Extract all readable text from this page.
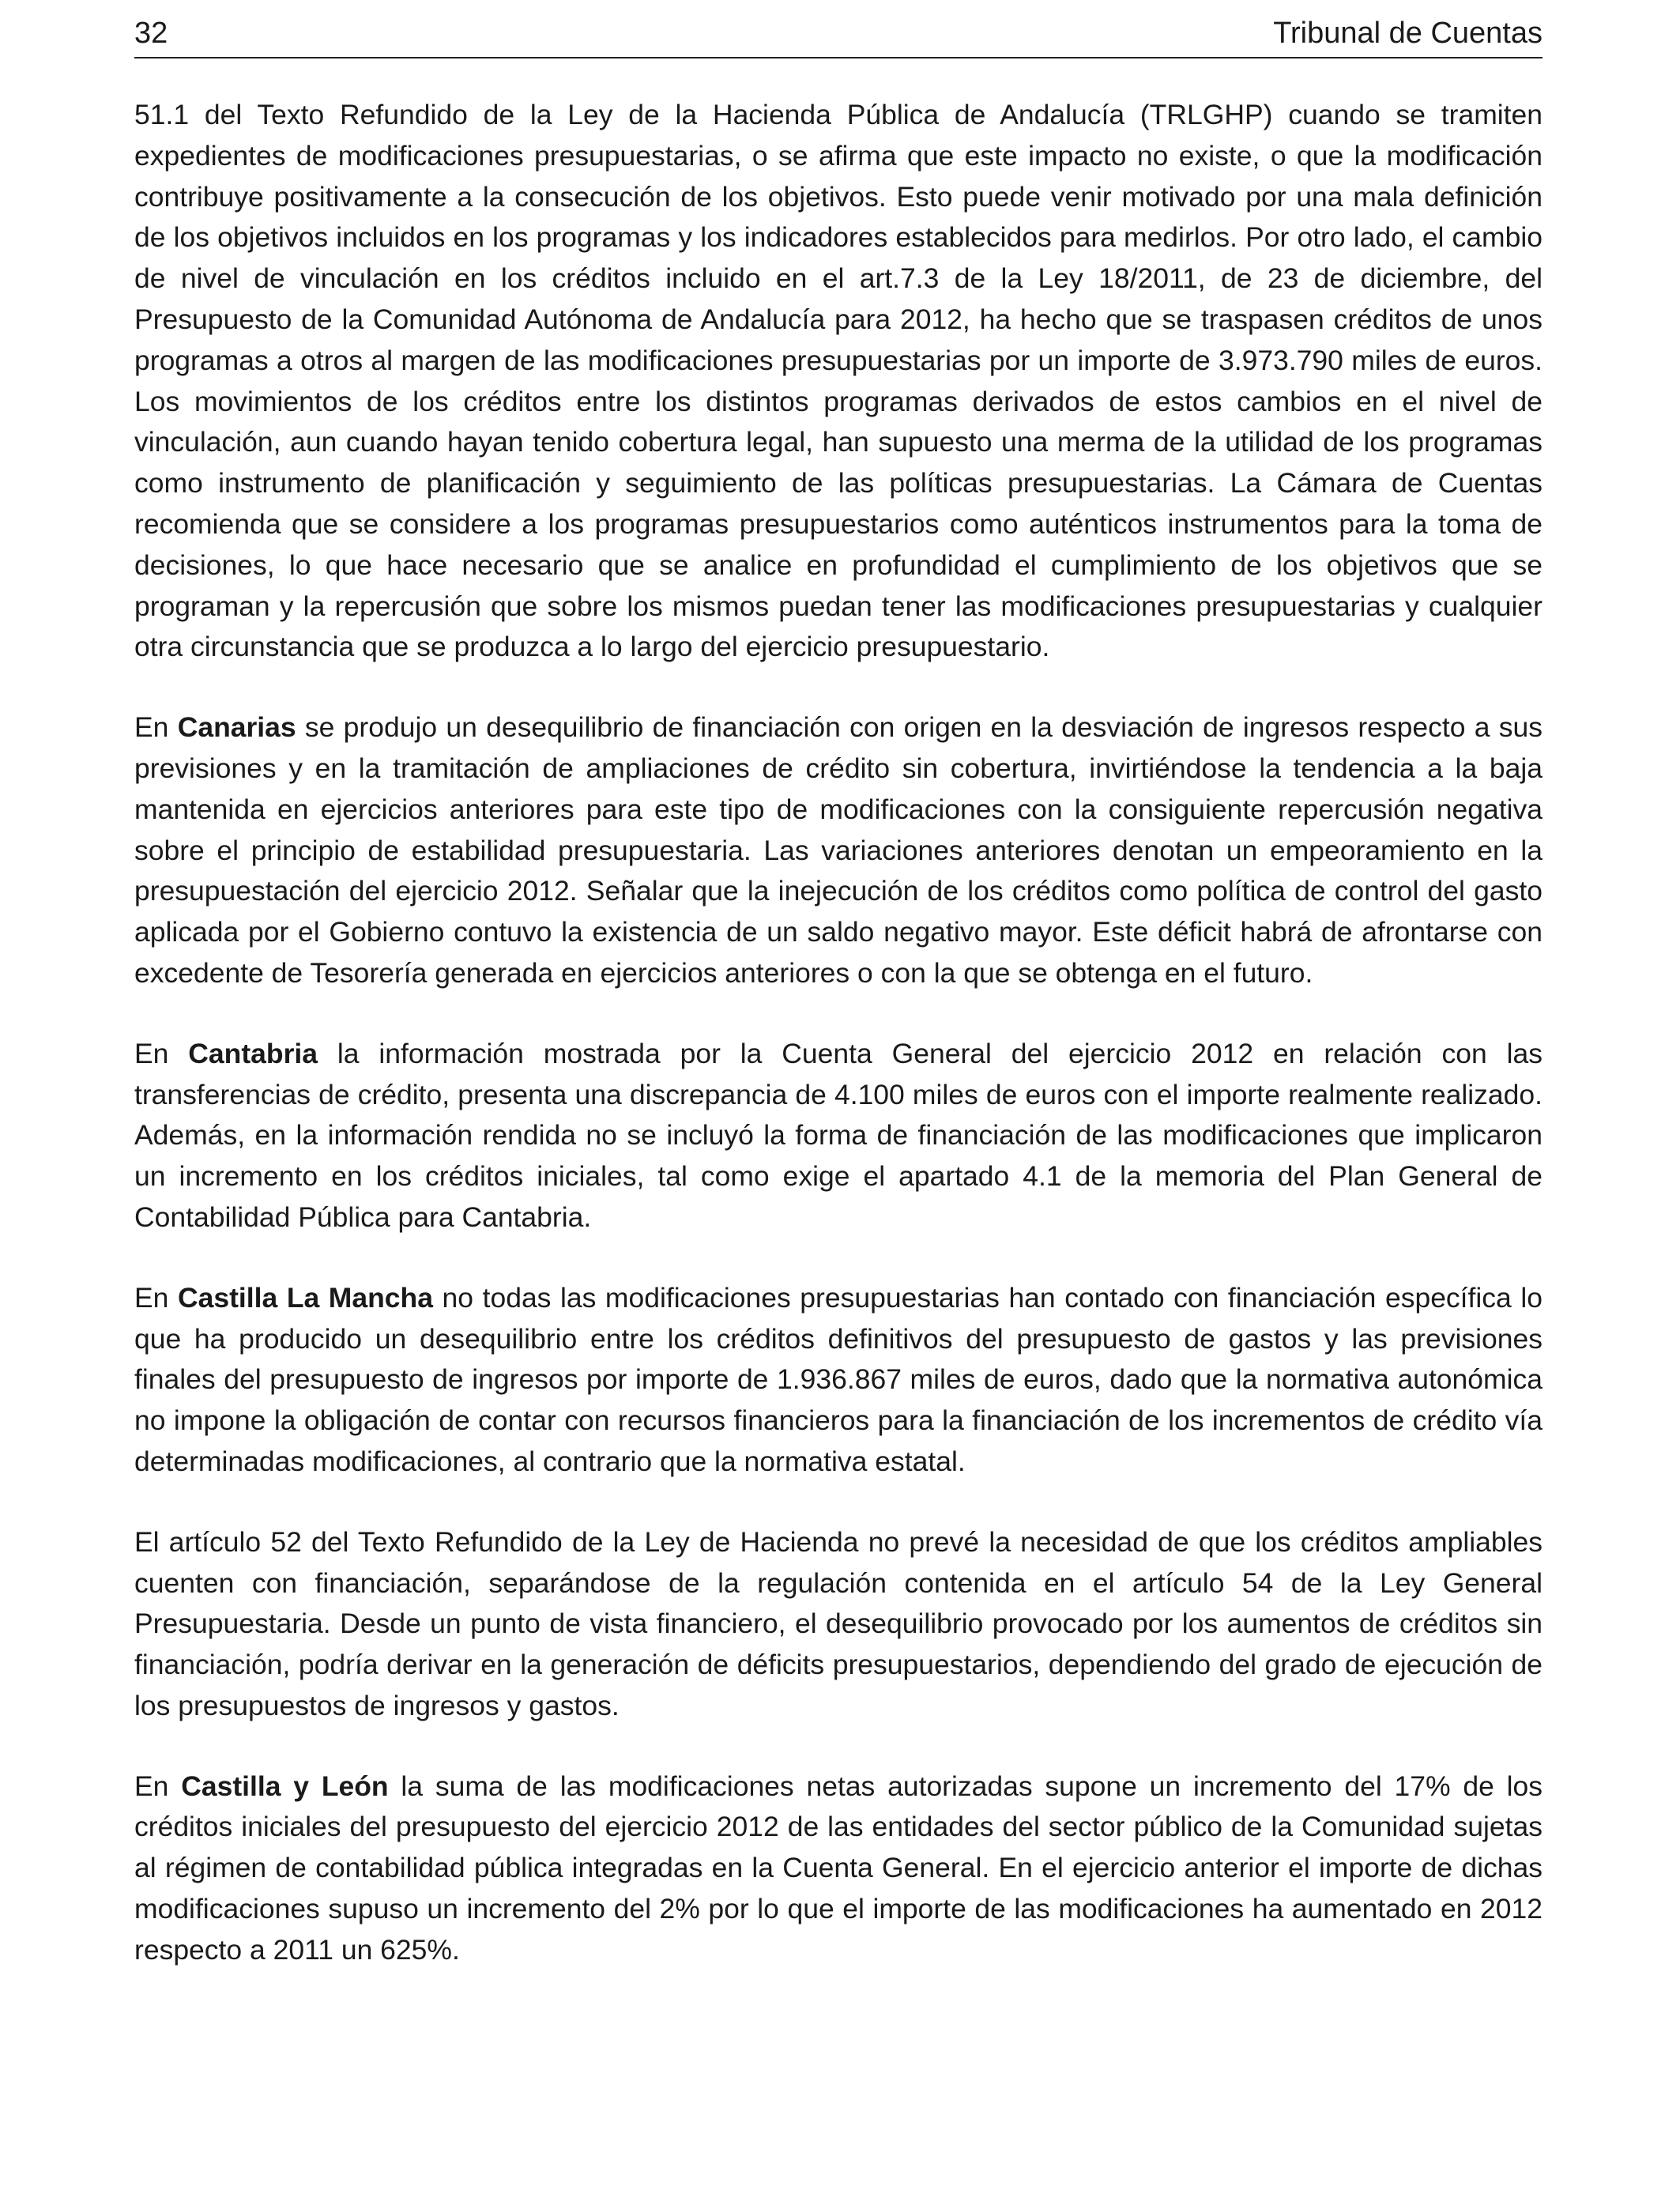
32	Tribunal de Cuentas

51.1 del Texto Refundido de la Ley de la Hacienda Pública de Andalucía (TRLGHP) cuando se tramiten expedientes de modificaciones presupuestarias, o se afirma que este impacto no existe, o que la modificación contribuye positivamente a la consecución de los objetivos. Esto puede venir motivado por una mala definición de los objetivos incluidos en los programas y los indicadores establecidos para medirlos. Por otro lado, el cambio de nivel de vinculación en los créditos incluido en el art.7.3 de la Ley 18/2011, de 23 de diciembre, del Presupuesto de la Comunidad Autónoma de Andalucía para 2012, ha hecho que se traspasen créditos de unos programas a otros al margen de las modificaciones presupuestarias por un importe de 3.973.790 miles de euros. Los movimientos de los créditos entre los distintos programas derivados de estos cambios en el nivel de vinculación, aun cuando hayan tenido cobertura legal, han supuesto una merma de la utilidad de los programas como instrumento de planificación y seguimiento de las políticas presupuestarias. La Cámara de Cuentas recomienda que se considere a los programas presupuestarios como auténticos instrumentos para la toma de decisiones, lo que hace necesario que se analice en profundidad el cumplimiento de los objetivos que se programan y la repercusión que sobre los mismos puedan tener las modificaciones presupuestarias y cualquier otra circunstancia que se produzca a lo largo del ejercicio presupuestario.

En Canarias se produjo un desequilibrio de financiación con origen en la desviación de ingresos respecto a sus previsiones y en la tramitación de ampliaciones de crédito sin cobertura, invirtiéndose la tendencia a la baja mantenida en ejercicios anteriores para este tipo de modificaciones con la consiguiente repercusión negativa sobre el principio de estabilidad presupuestaria. Las variaciones anteriores denotan un empeoramiento en la presupuestación del ejercicio 2012. Señalar que la inejecución de los créditos como política de control del gasto aplicada por el Gobierno contuvo la existencia de un saldo negativo mayor. Este déficit habrá de afrontarse con excedente de Tesorería generada en ejercicios anteriores o con la que se obtenga en el futuro.

En Cantabria la información mostrada por la Cuenta General del ejercicio 2012 en relación con las transferencias de crédito, presenta una discrepancia de 4.100 miles de euros con el importe realmente realizado. Además, en la información rendida no se incluyó la forma de financiación de las modificaciones que implicaron un incremento en los créditos iniciales, tal como exige el apartado 4.1 de la memoria del Plan General de Contabilidad Pública para Cantabria.

En Castilla La Mancha no todas las modificaciones presupuestarias han contado con financiación específica lo que ha producido un desequilibrio entre los créditos definitivos del presupuesto de gastos y las previsiones finales del presupuesto de ingresos por importe de 1.936.867 miles de euros, dado que la normativa autonómica no impone la obligación de contar con recursos financieros para la financiación de los incrementos de crédito vía determinadas modificaciones, al contrario que la normativa estatal.

El artículo 52 del Texto Refundido de la Ley de Hacienda no prevé la necesidad de que los créditos ampliables cuenten con financiación, separándose de la regulación contenida en el artículo 54 de la Ley General Presupuestaria. Desde un punto de vista financiero, el desequilibrio provocado por los aumentos de créditos sin financiación, podría derivar en la generación de déficits presupuestarios, dependiendo del grado de ejecución de los presupuestos de ingresos y gastos.

En Castilla y León la suma de las modificaciones netas autorizadas supone un incremento del 17% de los créditos iniciales del presupuesto del ejercicio 2012 de las entidades del sector público de la Comunidad sujetas al régimen de contabilidad pública integradas en la Cuenta General. En el ejercicio anterior el importe de dichas modificaciones supuso un incremento del 2% por lo que el importe de las modificaciones ha aumentado en 2012 respecto a 2011 un 625%.
